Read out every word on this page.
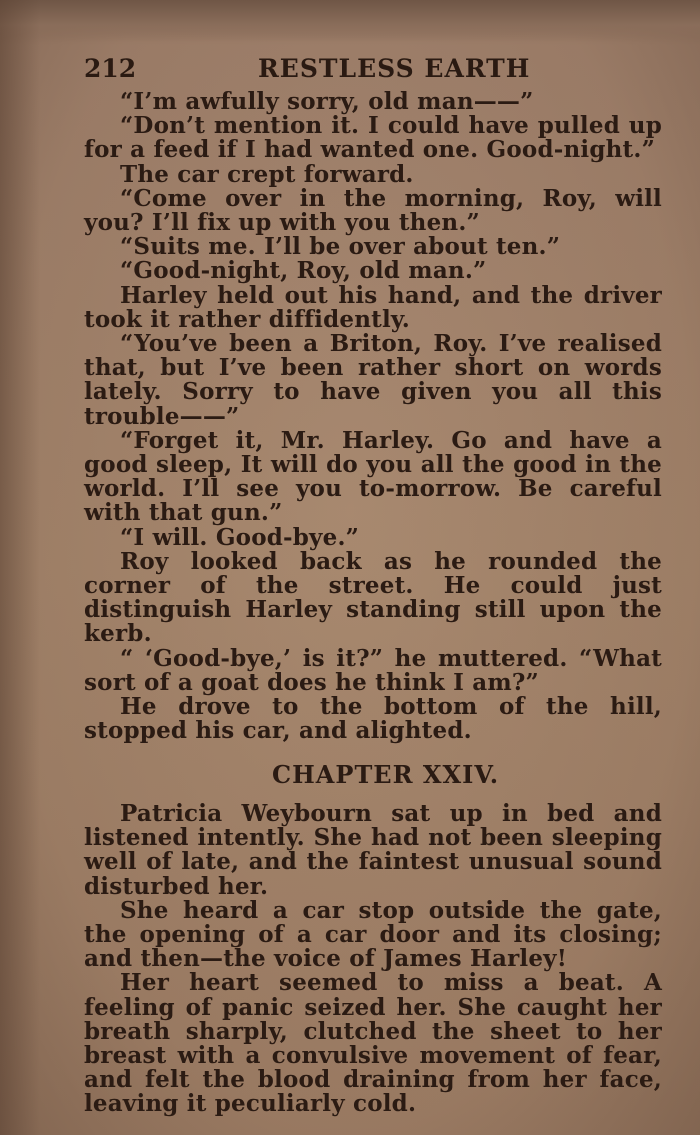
212	RESTLESS EARTH

“I’m awfully sorry, old man——”

“Don’t mention it. I could have pulled up for a feed if I had wanted one. Good-night.”

The car crept forward.

“Come over in the morning, Roy, will you? I’ll fix up with you then.”

“Suits me. I’ll be over about ten.”

“Good-night, Roy, old man.”

Harley held out his hand, and the driver took it rather diffidently.

“You’ve been a Briton, Roy. I’ve realised that, but I’ve been rather short on words lately. Sorry to have given you all this trouble——”

“Forget it, Mr. Harley. Go and have a good sleep, It will do you all the good in the world. I’ll see you to-morrow. Be careful with that gun.”

“I will. Good-bye.”

Roy looked back as he rounded the corner of the street. He could just distinguish Harley standing still upon the kerb.

“ ‘Good-bye,’ is it?” he muttered. “What sort of a goat does he think I am?”

He drove to the bottom of the hill, stopped his car, and alighted.

CHAPTER XXIV.

Patricia Weybourn sat up in bed and listened intently. She had not been sleeping well of late, and the faintest unusual sound disturbed her.

She heard a car stop outside the gate, the opening of a car door and its closing; and then—the voice of James Harley!

Her heart seemed to miss a beat. A feeling of panic seized her. She caught her breath sharply, clutched the sheet to her breast with a convulsive movement of fear, and felt the blood draining from her face, leaving it peculiarly cold.
